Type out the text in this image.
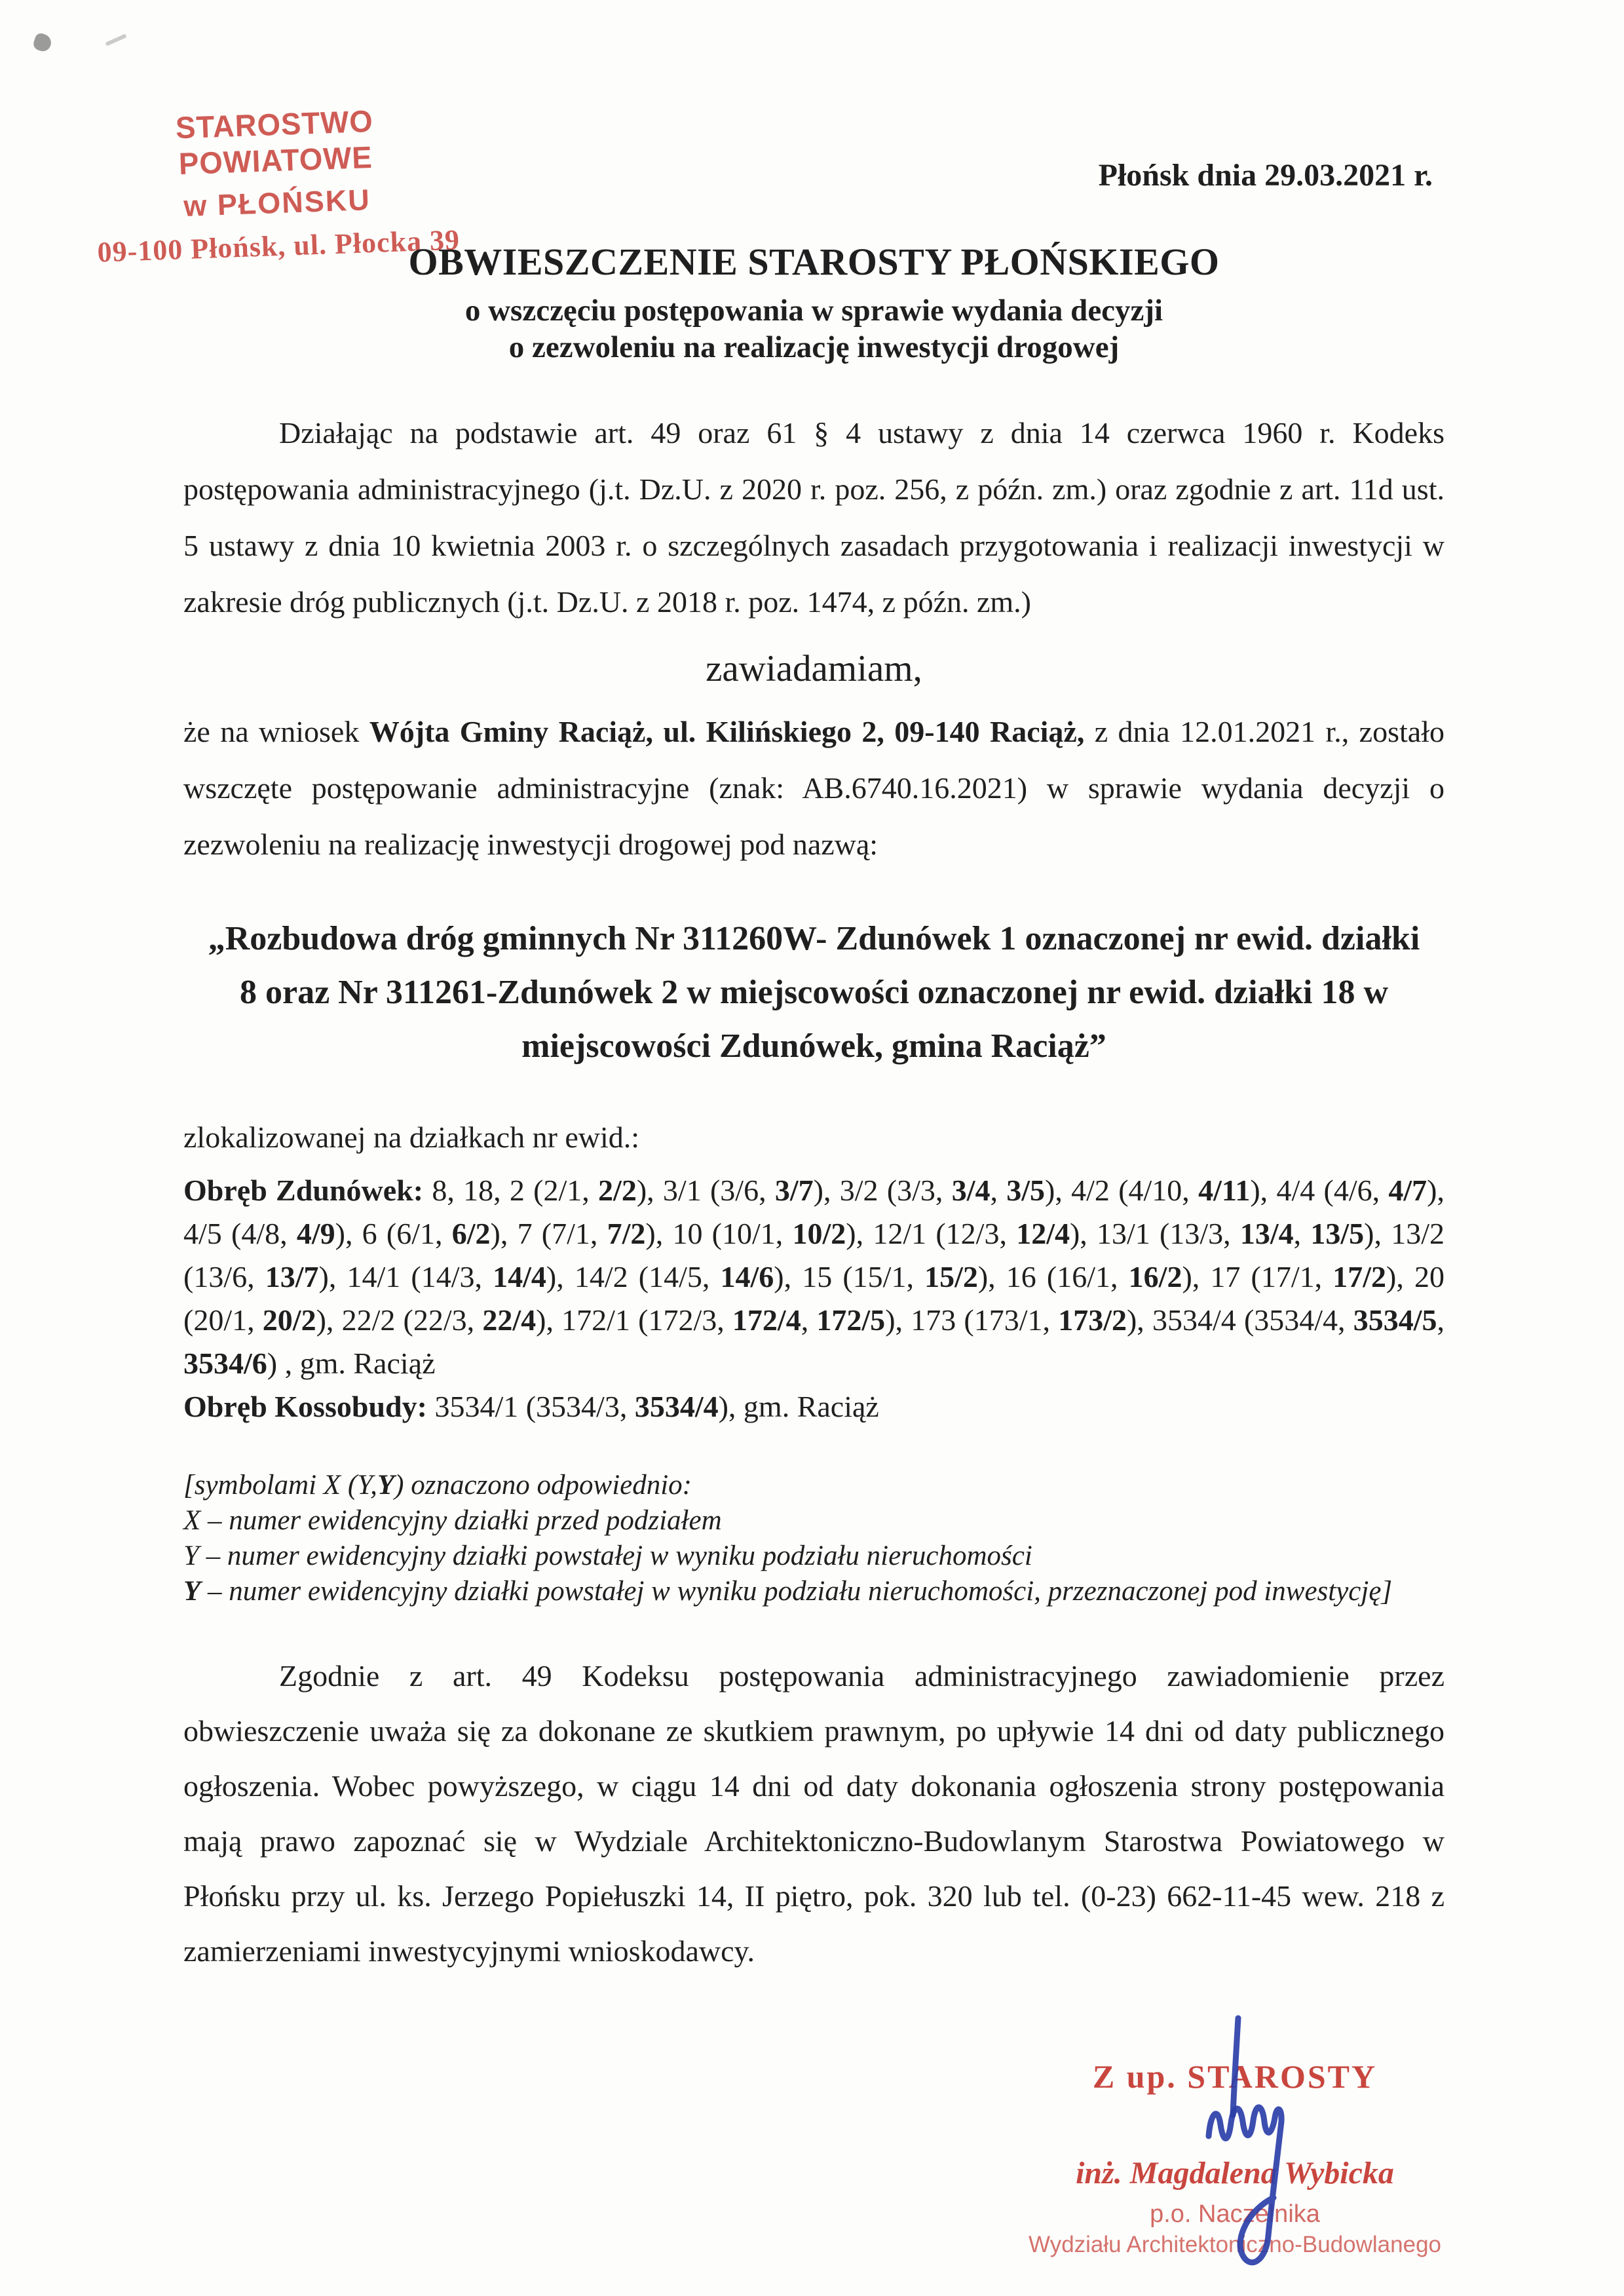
STAROSTWO POWIATOWE
w PŁOŃSKU
09-100 Płońsk, ul. Płocka 39
Płońsk dnia 29.03.2021 r.
OBWIESZCZENIE STAROSTY PŁOŃSKIEGO
o wszczęciu postępowania w sprawie wydania decyzji
o zezwoleniu na realizację inwestycji drogowej

Działając na podstawie art. 49 oraz 61 § 4 ustawy z dnia 14 czerwca 1960 r. Kodeks postępowania administracyjnego (j.t. Dz.U. z 2020 r. poz. 256, z późn. zm.) oraz zgodnie z art. 11d ust. 5 ustawy z dnia 10 kwietnia 2003 r. o szczególnych zasadach przygotowania i realizacji inwestycji w zakresie dróg publicznych (j.t. Dz.U. z 2018 r. poz. 1474, z późn. zm.)

zawiadamiam,

że na wniosek Wójta Gminy Raciąż, ul. Kilińskiego 2, 09-140 Raciąż, z dnia 12.01.2021 r., zostało wszczęte postępowanie administracyjne (znak: AB.6740.16.2021) w sprawie wydania decyzji o zezwoleniu na realizację inwestycji drogowej pod nazwą:

„Rozbudowa dróg gminnych Nr 311260W- Zdunówek 1 oznaczonej nr ewid. działki 8 oraz Nr 311261-Zdunówek 2 w miejscowości oznaczonej nr ewid. działki 18 w miejscowości Zdunówek, gmina Raciąż”
zlokalizowanej na działkach nr ewid.:

Obręb Zdunówek: 8, 18, 2 (2/1, 2/2), 3/1 (3/6, 3/7), 3/2 (3/3, 3/4, 3/5), 4/2 (4/10, 4/11), 4/4 (4/6, 4/7), 4/5 (4/8, 4/9), 6 (6/1, 6/2), 7 (7/1, 7/2), 10 (10/1, 10/2), 12/1 (12/3, 12/4), 13/1 (13/3, 13/4, 13/5), 13/2 (13/6, 13/7), 14/1 (14/3, 14/4), 14/2 (14/5, 14/6), 15 (15/1, 15/2), 16 (16/1, 16/2), 17 (17/1, 17/2), 20 (20/1, 20/2), 22/2 (22/3, 22/4), 172/1 (172/3, 172/4, 172/5), 173 (173/1, 173/2), 3534/4 (3534/4, 3534/5, 3534/6) , gm. Raciąż

Obręb Kossobudy: 3534/1 (3534/3, 3534/4), gm. Raciąż

[symbolami X (Y,Y) oznaczono odpowiednio:
X – numer ewidencyjny działki przed podziałem
Y – numer ewidencyjny działki powstałej w wyniku podziału nieruchomości
Y – numer ewidencyjny działki powstałej w wyniku podziału nieruchomości, przeznaczonej pod inwestycję]

Zgodnie z art. 49 Kodeksu postępowania administracyjnego zawiadomienie przez obwieszczenie uważa się za dokonane ze skutkiem prawnym, po upływie 14 dni od daty publicznego ogłoszenia. Wobec powyższego, w ciągu 14 dni od daty dokonania ogłoszenia strony postępowania mają prawo zapoznać się w Wydziale Architektoniczno-Budowlanym Starostwa Powiatowego w Płońsku przy ul. ks. Jerzego Popiełuszki 14, II piętro, pok. 320 lub tel. (0-23) 662-11-45 wew. 218 z zamierzeniami inwestycyjnymi wnioskodawcy.

Z up. STAROSTY
inż. Magdalena Wybicka
p.o. Naczelnika
Wydziału Architektoniczno-Budowlanego
